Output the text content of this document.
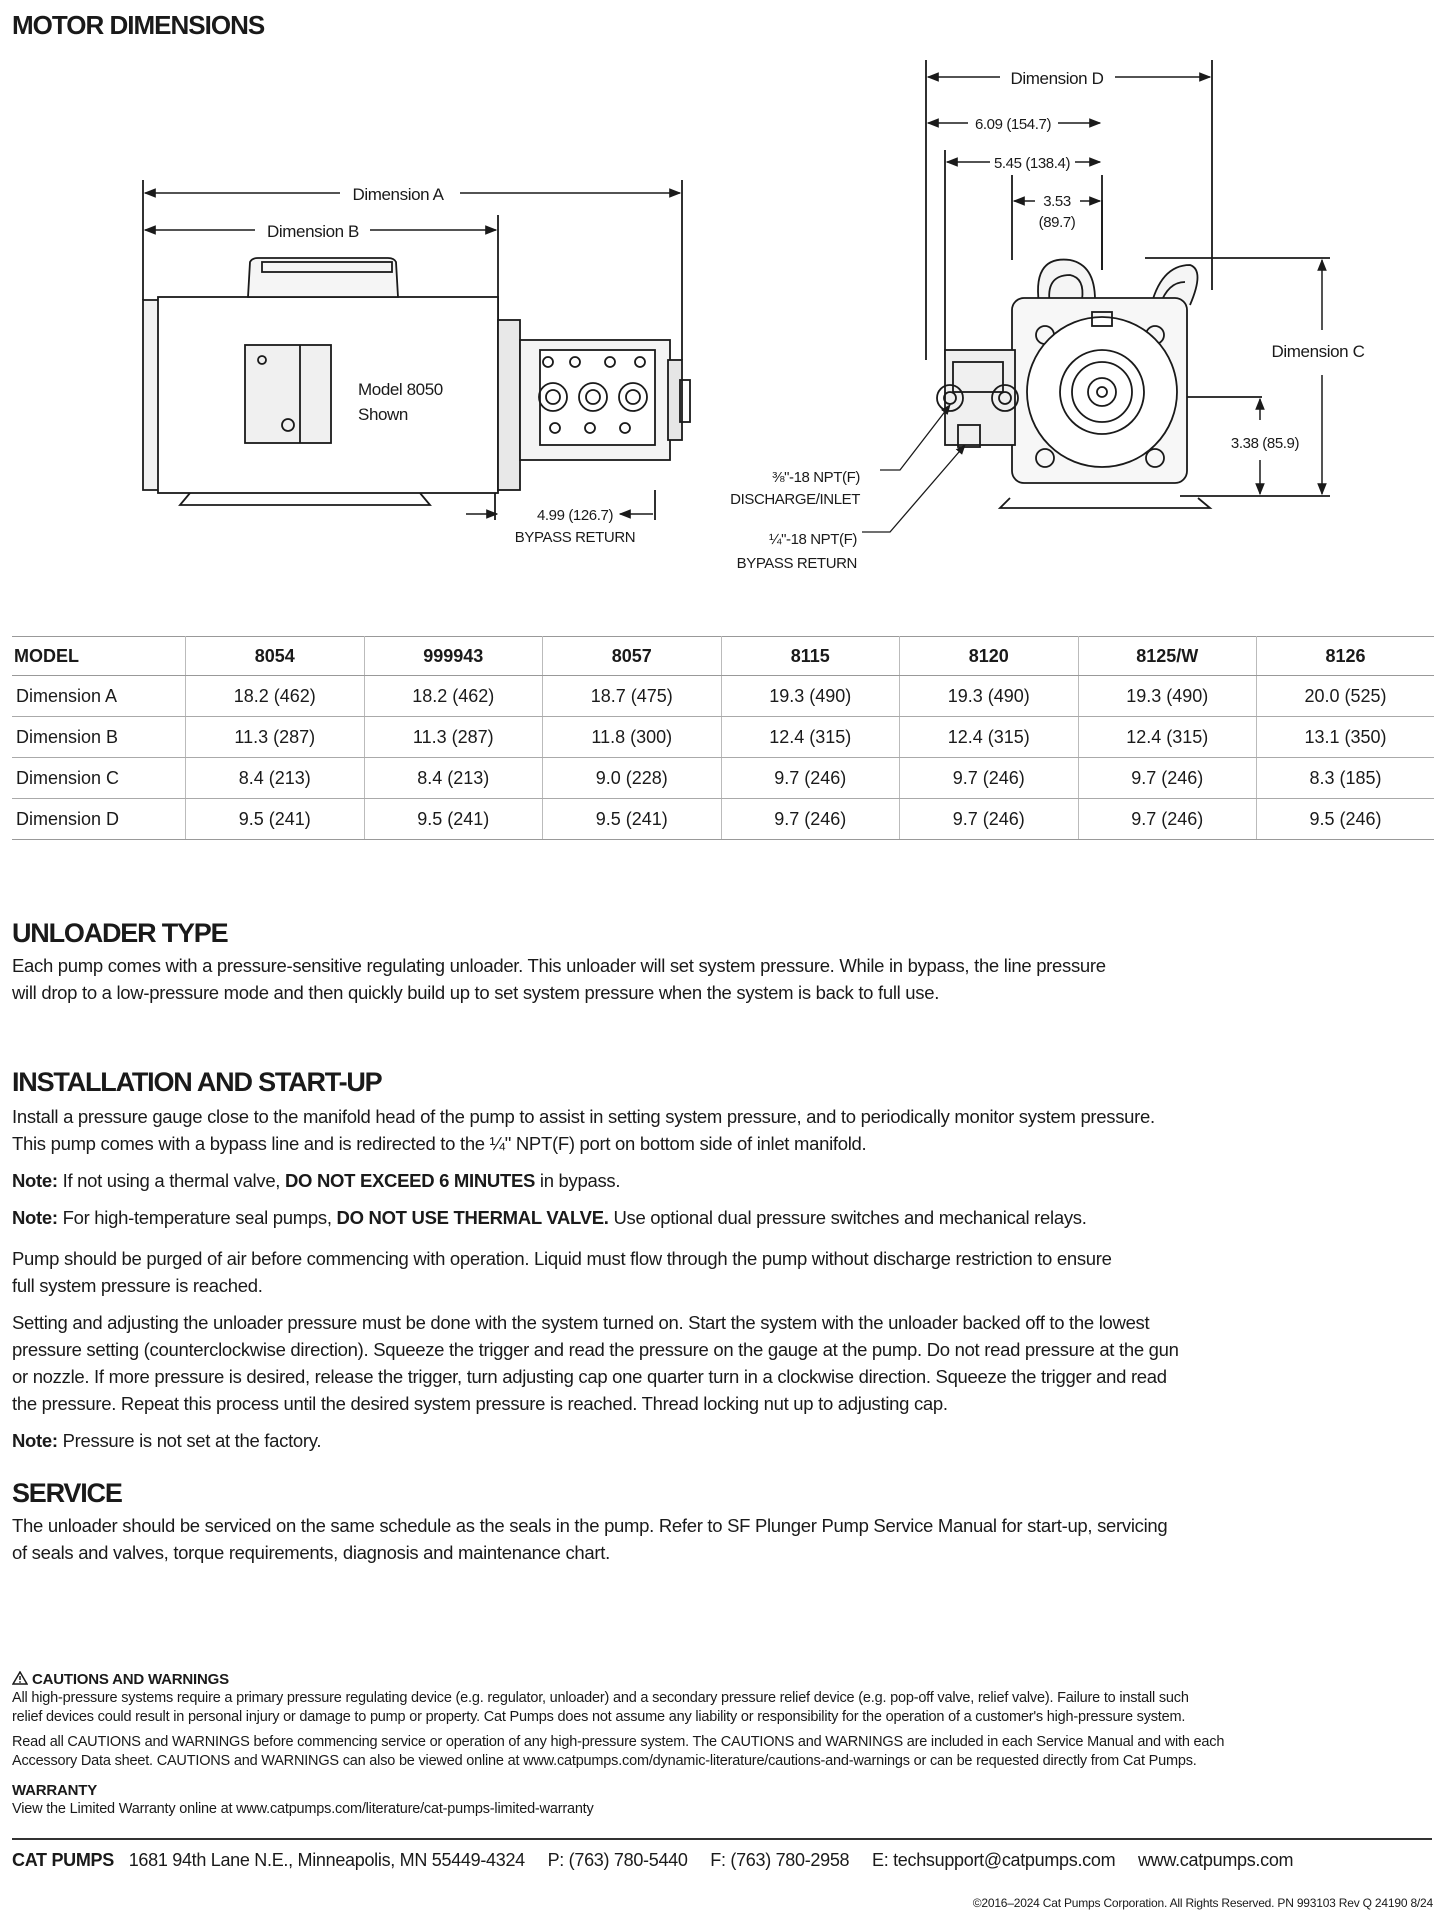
MOTOR DIMENSIONS
Dimension A
Dimension B
Model 8050
Shown
4.99 (126.7)
BYPASS RETURN
Dimension D
6.09 (154.7)
5.45 (138.4)
3.53
(89.7)
Dimension C
3.38 (85.9)
⅜"-18 NPT(F)
DISCHARGE/INLET
¼"-18 NPT(F)
BYPASS RETURN
MODEL	8054	999943	8057	8115	8120	8125/W	8126
Dimension A	18.2 (462)	18.2 (462)	18.7 (475)	19.3 (490)	19.3 (490)	19.3 (490)	20.0 (525)
Dimension B	11.3 (287)	11.3 (287)	11.8 (300)	12.4 (315)	12.4 (315)	12.4 (315)	13.1 (350)
Dimension C	8.4 (213)	8.4 (213)	9.0 (228)	9.7 (246)	9.7 (246)	9.7 (246)	8.3 (185)
Dimension D	9.5 (241)	9.5 (241)	9.5 (241)	9.7 (246)	9.7 (246)	9.7 (246)	9.5 (246)
UNLOADER TYPE
Each pump comes with a pressure-sensitive regulating unloader. This unloader will set system pressure. While in bypass, the line pressure
will drop to a low-pressure mode and then quickly build up to set system pressure when the system is back to full use.
INSTALLATION AND START-UP
Install a pressure gauge close to the manifold head of the pump to assist in setting system pressure, and to periodically monitor system pressure.
This pump comes with a bypass line and is redirected to the ¼" NPT(F) port on bottom side of inlet manifold.
Note: If not using a thermal valve, DO NOT EXCEED 6 MINUTES in bypass.
Note: For high-temperature seal pumps, DO NOT USE THERMAL VALVE. Use optional dual pressure switches and mechanical relays.
Pump should be purged of air before commencing with operation. Liquid must flow through the pump without discharge restriction to ensure
full system pressure is reached.
Setting and adjusting the unloader pressure must be done with the system turned on. Start the system with the unloader backed off to the lowest
pressure setting (counterclockwise direction). Squeeze the trigger and read the pressure on the gauge at the pump. Do not read pressure at the gun
or nozzle. If more pressure is desired, release the trigger, turn adjusting cap one quarter turn in a clockwise direction. Squeeze the trigger and read
the pressure. Repeat this process until the desired system pressure is reached. Thread locking nut up to adjusting cap.
Note: Pressure is not set at the factory.
SERVICE
The unloader should be serviced on the same schedule as the seals in the pump. Refer to SF Plunger Pump Service Manual for start-up, servicing
of seals and valves, torque requirements, diagnosis and maintenance chart.
CAUTIONS AND WARNINGS
All high-pressure systems require a primary pressure regulating device (e.g. regulator, unloader) and a secondary pressure relief device (e.g. pop-off valve, relief valve). Failure to install such
relief devices could result in personal injury or damage to pump or property. Cat Pumps does not assume any liability or responsibility for the operation of a customer's high-pressure system.
Read all CAUTIONS and WARNINGS before commencing service or operation of any high-pressure system. The CAUTIONS and WARNINGS are included in each Service Manual and with each
Accessory Data sheet. CAUTIONS and WARNINGS can also be viewed online at www.catpumps.com/dynamic-literature/cautions-and-warnings or can be requested directly from Cat Pumps.
WARRANTY
View the Limited Warranty online at www.catpumps.com/literature/cat-pumps-limited-warranty
CAT PUMPS 1681 94th Lane N.E., Minneapolis, MN 55449-4324 P: (763) 780-5440 F: (763) 780-2958 E: techsupport@catpumps.com www.catpumps.com
©2016–2024 Cat Pumps Corporation. All Rights Reserved. PN 993103 Rev Q 24190 8/24
